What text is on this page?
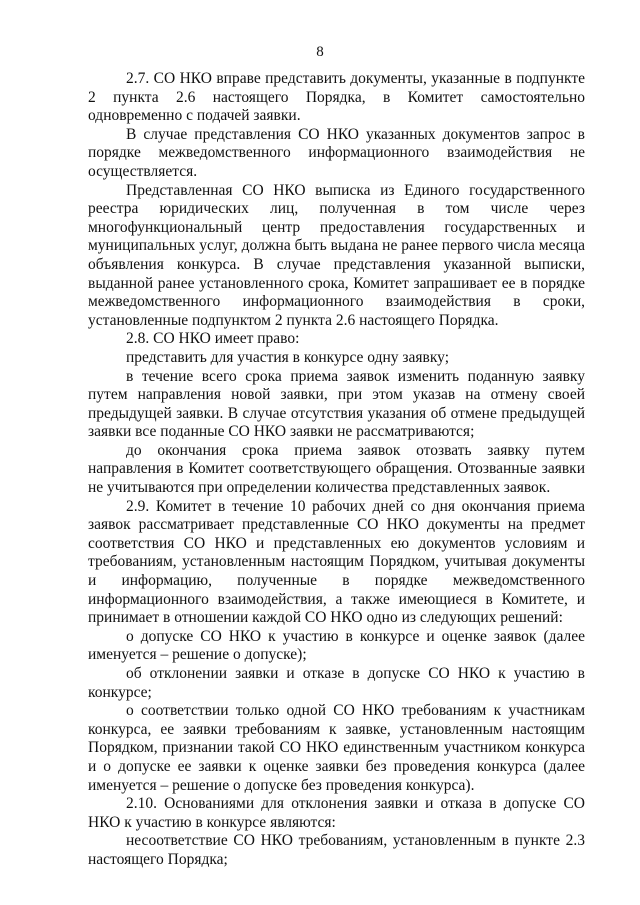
8

2.7. СО НКО вправе представить документы, указанные в подпункте 2 пункта 2.6 настоящего Порядка, в Комитет самостоятельно одновременно с подачей заявки.

В случае представления СО НКО указанных документов запрос в порядке межведомственного информационного взаимодействия не осуществляется.

Представленная СО НКО выписка из Единого государственного реестра юридических лиц, полученная в том числе через многофункциональный центр предоставления государственных и муниципальных услуг, должна быть выдана не ранее первого числа месяца объявления конкурса. В случае представления указанной выписки, выданной ранее установленного срока, Комитет запрашивает ее в порядке межведомственного информационного взаимодействия в сроки, установленные подпунктом 2 пункта 2.6 настоящего Порядка.

2.8. СО НКО имеет право:

представить для участия в конкурсе одну заявку;

в течение всего срока приема заявок изменить поданную заявку путем направления новой заявки, при этом указав на отмену своей предыдущей заявки. В случае отсутствия указания об отмене предыдущей заявки все поданные СО НКО заявки не рассматриваются;

до окончания срока приема заявок отозвать заявку путем направления в Комитет соответствующего обращения. Отозванные заявки не учитываются при определении количества представленных заявок.

2.9. Комитет в течение 10 рабочих дней со дня окончания приема заявок рассматривает представленные СО НКО документы на предмет соответствия СО НКО и представленных ею документов условиям и требованиям, установленным настоящим Порядком, учитывая документы и информацию, полученные в порядке межведомственного информационного взаимодействия, а также имеющиеся в Комитете, и принимает в отношении каждой СО НКО одно из следующих решений:

о допуске СО НКО к участию в конкурсе и оценке заявок (далее именуется – решение о допуске);

об отклонении заявки и отказе в допуске СО НКО к участию в конкурсе;

о соответствии только одной СО НКО требованиям к участникам конкурса, ее заявки требованиям к заявке, установленным настоящим Порядком, признании такой СО НКО единственным участником конкурса и о допуске ее заявки к оценке заявки без проведения конкурса (далее именуется – решение о допуске без проведения конкурса).

2.10. Основаниями для отклонения заявки и отказа в допуске СО НКО к участию в конкурсе являются:

несоответствие СО НКО требованиям, установленным в пункте 2.3 настоящего Порядка;
